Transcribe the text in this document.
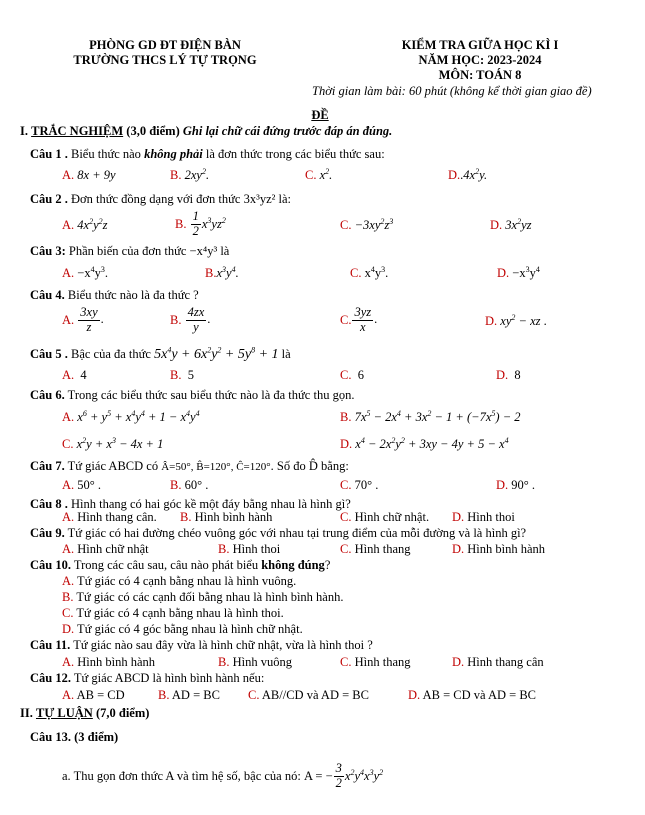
PHÒNG GD ĐT ĐIỆN BÀN
TRƯỜNG THCS LÝ TỰ TRỌNG
KIỂM TRA GIỮA HỌC KÌ I
NĂM HỌC: 2023-2024
MÔN: TOÁN 8
Thời gian làm bài: 60 phút (không kể thời gian giao đề)
ĐỀ
I. TRẮC NGHIỆM (3,0 điểm) Ghi lại chữ cái đứng trước đáp án đúng.
Câu 1 . Biểu thức nào không phải là đơn thức trong các biểu thức sau:
A. 8x + 9y	B. $2xy^2$.	C. $x^2$.	$D..4x^2y$.
Câu 2 . Đơn thức đồng dạng với đơn thức 3x³yz² là:
A. $4x^2y^2z$	B. $\frac{1}{2} x^3yz^2$	C. $-3xy^2z^3$	D. $3x^2yz$
Câu 3: Phần biến của đơn thức −x⁴y³ là
A. $-x^4y^3$.	$B.x^3y^4$.	C. $x^4y^3$.	D. $-x^3y^4$
Câu 4. Biểu thức nào là đa thức ?
A. $\frac{3xy}{z}$ .	B. $\frac{4zx}{y}$ .	C. $\frac{3yz}{x}$ .	D. $xy^2$ − xz .
Câu 5 . Bậc của đa thức $5x^4y + 6x^2y^2 + 5y^8 + 1$ là
A.  4	B.  5	C.  6	D.  8
Câu 6. Trong các biểu thức sau biểu thức nào là đa thức thu gọn.
A. $x^6 + y^5 + x^4y^4 + 1 - x^4y^4$	B. $7x^5 - 2x^4 + 3x^2 - 1 + (-7x^5) - 2$
C. $x^2y + x^3 - 4x + 1$	D. $x^4 - 2x^2y^2 + 3xy - 4y + 5 - x^4$
Câu 7. Tứ giác ABCD có Â=50°, B̂=120°, Ĉ=120°. Số đo D̂ bằng:
A. 50° .	B. 60° .	C. 70° .	D. 90° .
Câu 8 . Hình thang có hai góc kề một đáy bằng nhau là hình gì?
A. Hình thang cân. B. Hình bình hành	C. Hình chữ nhật. D. Hình thoi
Câu 9. Tứ giác có hai đường chéo vuông góc với nhau tại trung điểm của mỗi đường và là hình gì?
A. Hình chữ nhật	B. Hình thoi	C. Hình thang	D. Hình bình hành
Câu 10. Trong các câu sau, câu nào phát biểu không đúng?
A. Tứ giác có 4 cạnh bằng nhau là hình vuông.
B. Tứ giác có các cạnh đối bằng nhau là hình bình hành.
C. Tứ giác có 4 cạnh bằng nhau là hình thoi.
D. Tứ giác có 4 góc bằng nhau là hình chữ nhật.
Câu 11. Tứ giác nào sau đây vừa là hình chữ nhật, vừa là hình thoi ?
A. Hình bình hành	B. Hình vuông	C. Hình thang	D. Hình thang cân
Câu 12. Tứ giác ABCD là hình bình hành nếu:
A. AB = CD	B. AD = BC C. AB//CD và AD = BC	D. AB = CD và AD = BC
II. TỰ LUẬN (7,0 điểm)
Câu 13. (3 điểm)
a. Thu gọn đơn thức A và tìm hệ số, bậc của nó: A = − $\frac{3}{2} x^2y^4x^3y^2$
